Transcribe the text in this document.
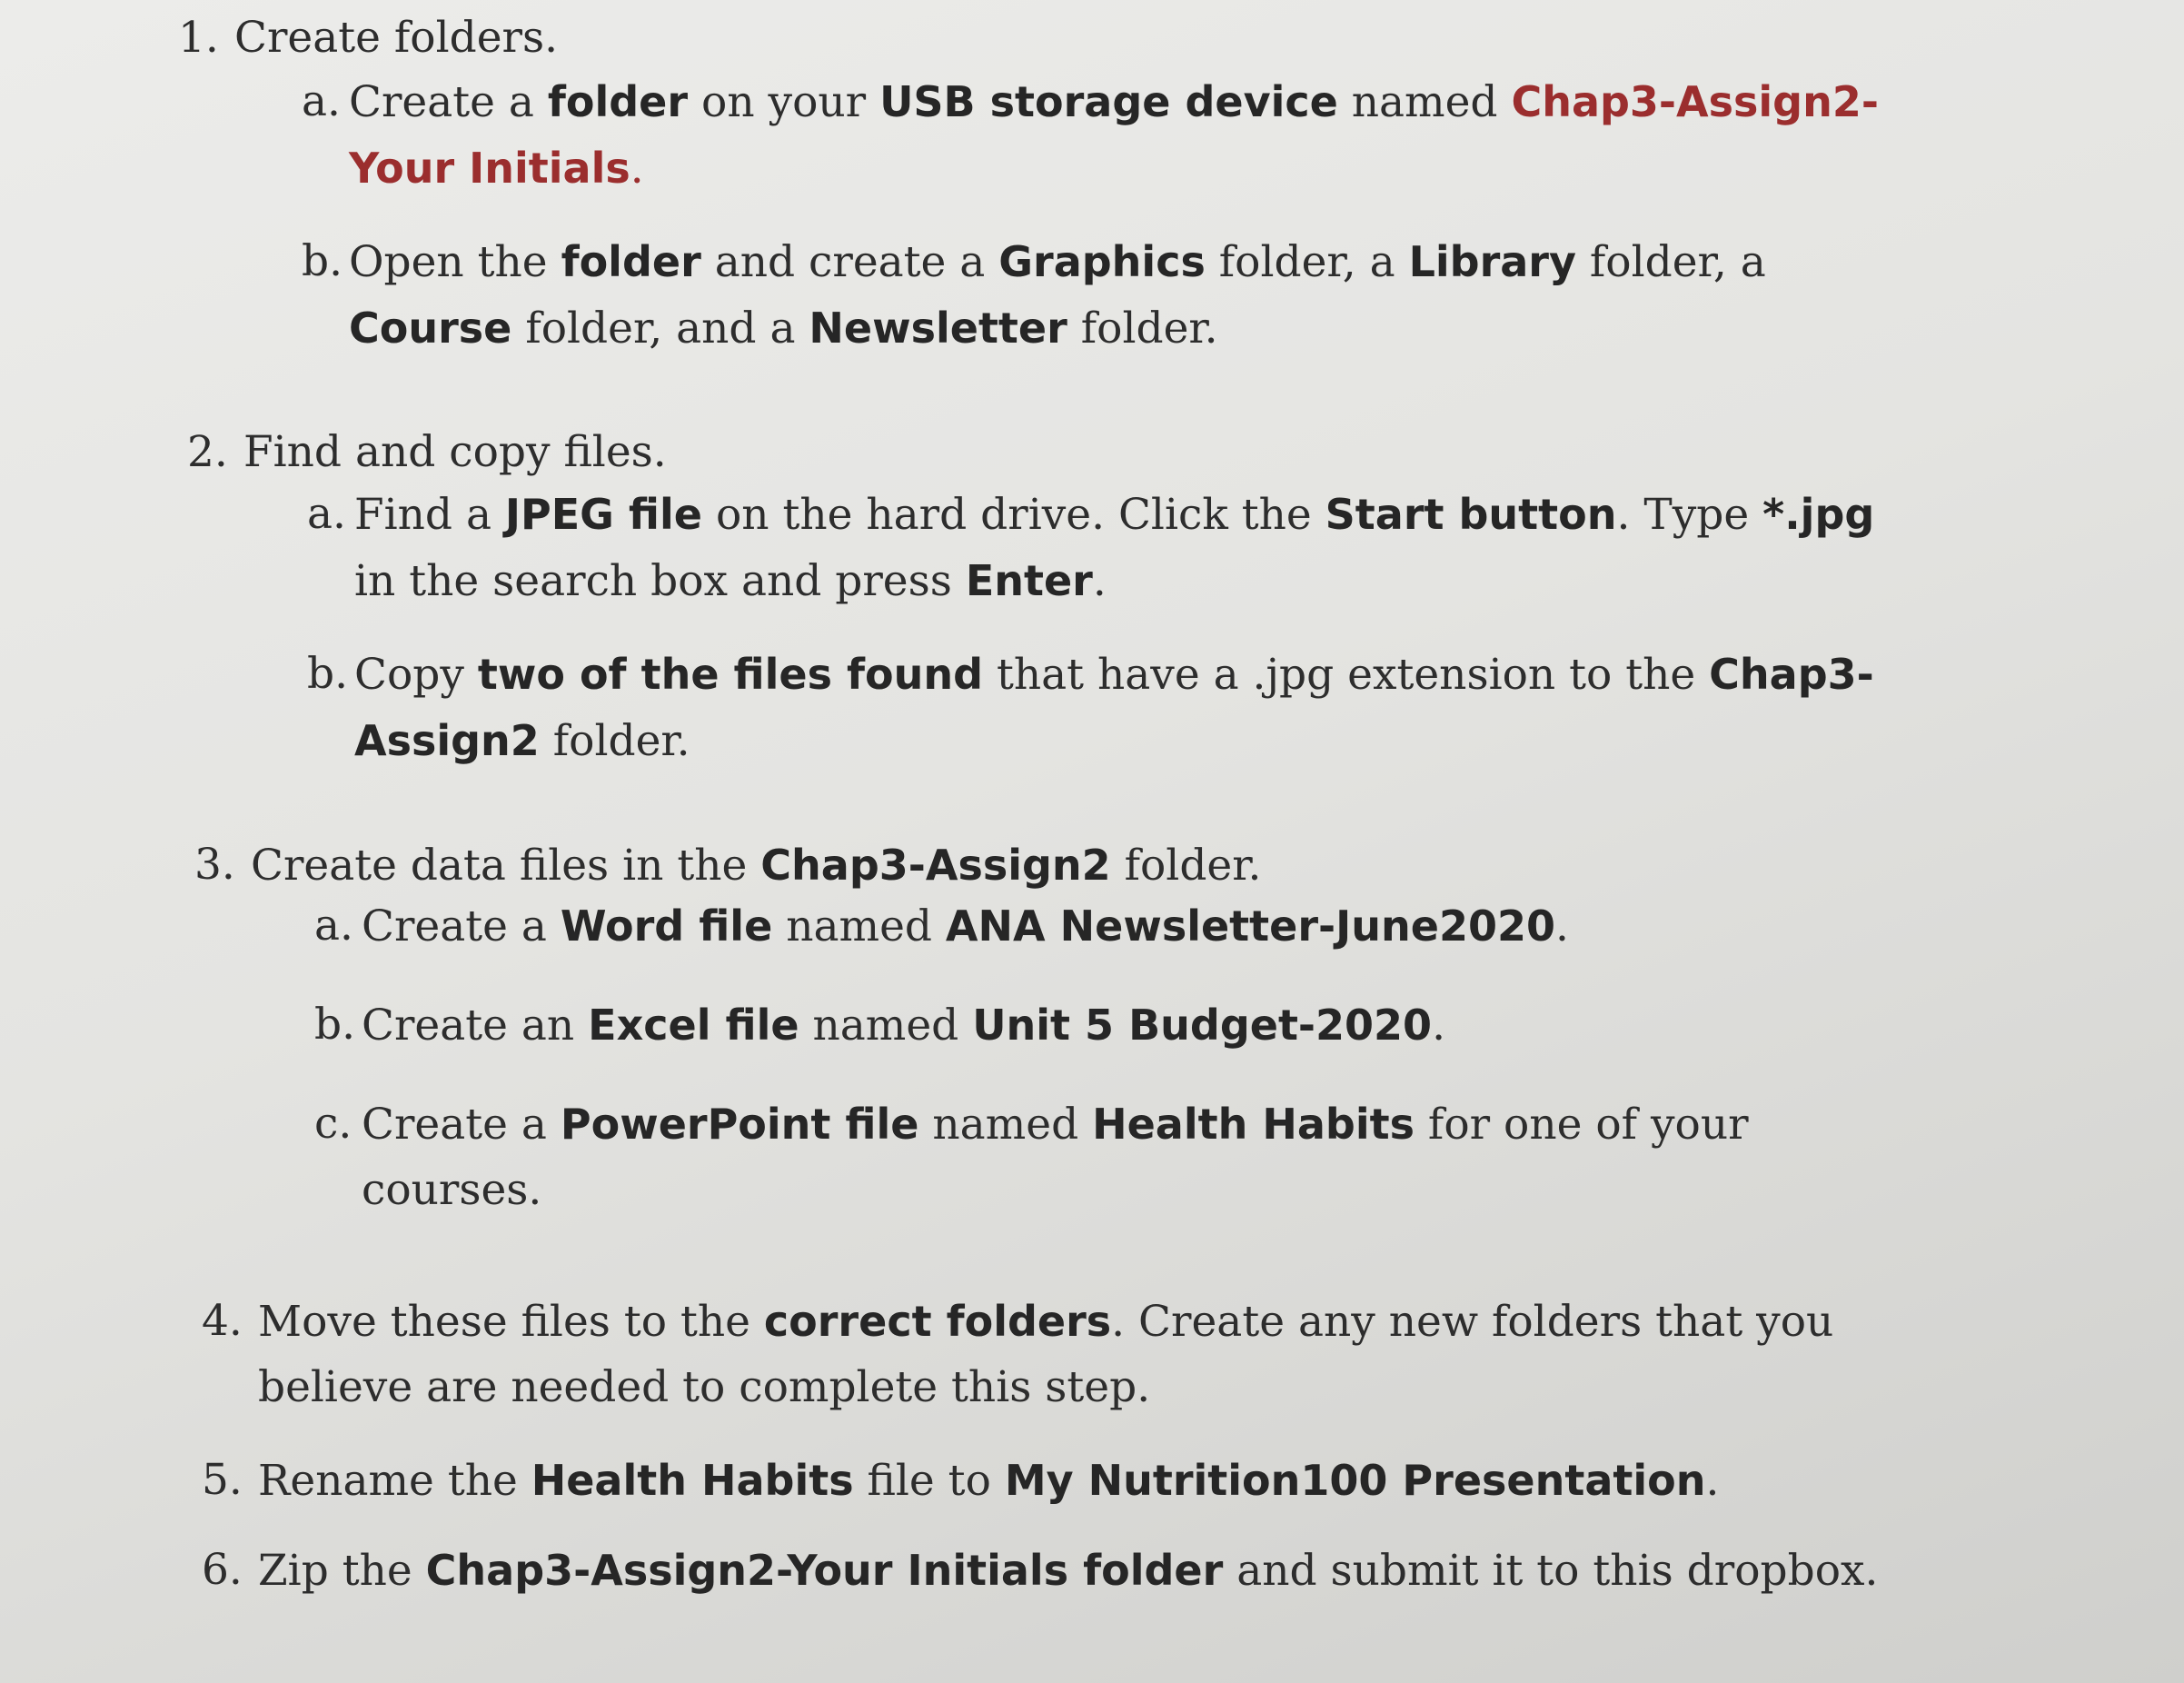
1. Create folders.
a. Create a folder on your USB storage device named Chap3-Assign2-Your Initials.
b. Open the folder and create a Graphics folder, a Library folder, a Course folder, and a Newsletter folder.
2. Find and copy files.
a. Find a JPEG file on the hard drive. Click the Start button. Type *.jpg in the search box and press Enter.
b. Copy two of the files found that have a .jpg extension to the Chap3-Assign2 folder.
3. Create data files in the Chap3-Assign2 folder.
a. Create a Word file named ANA Newsletter-June2020.
b. Create an Excel file named Unit 5 Budget-2020.
c. Create a PowerPoint file named Health Habits for one of your courses.
4. Move these files to the correct folders. Create any new folders that you believe are needed to complete this step.
5. Rename the Health Habits file to My Nutrition100 Presentation.
6. Zip the Chap3-Assign2-Your Initials folder and submit it to this dropbox.
